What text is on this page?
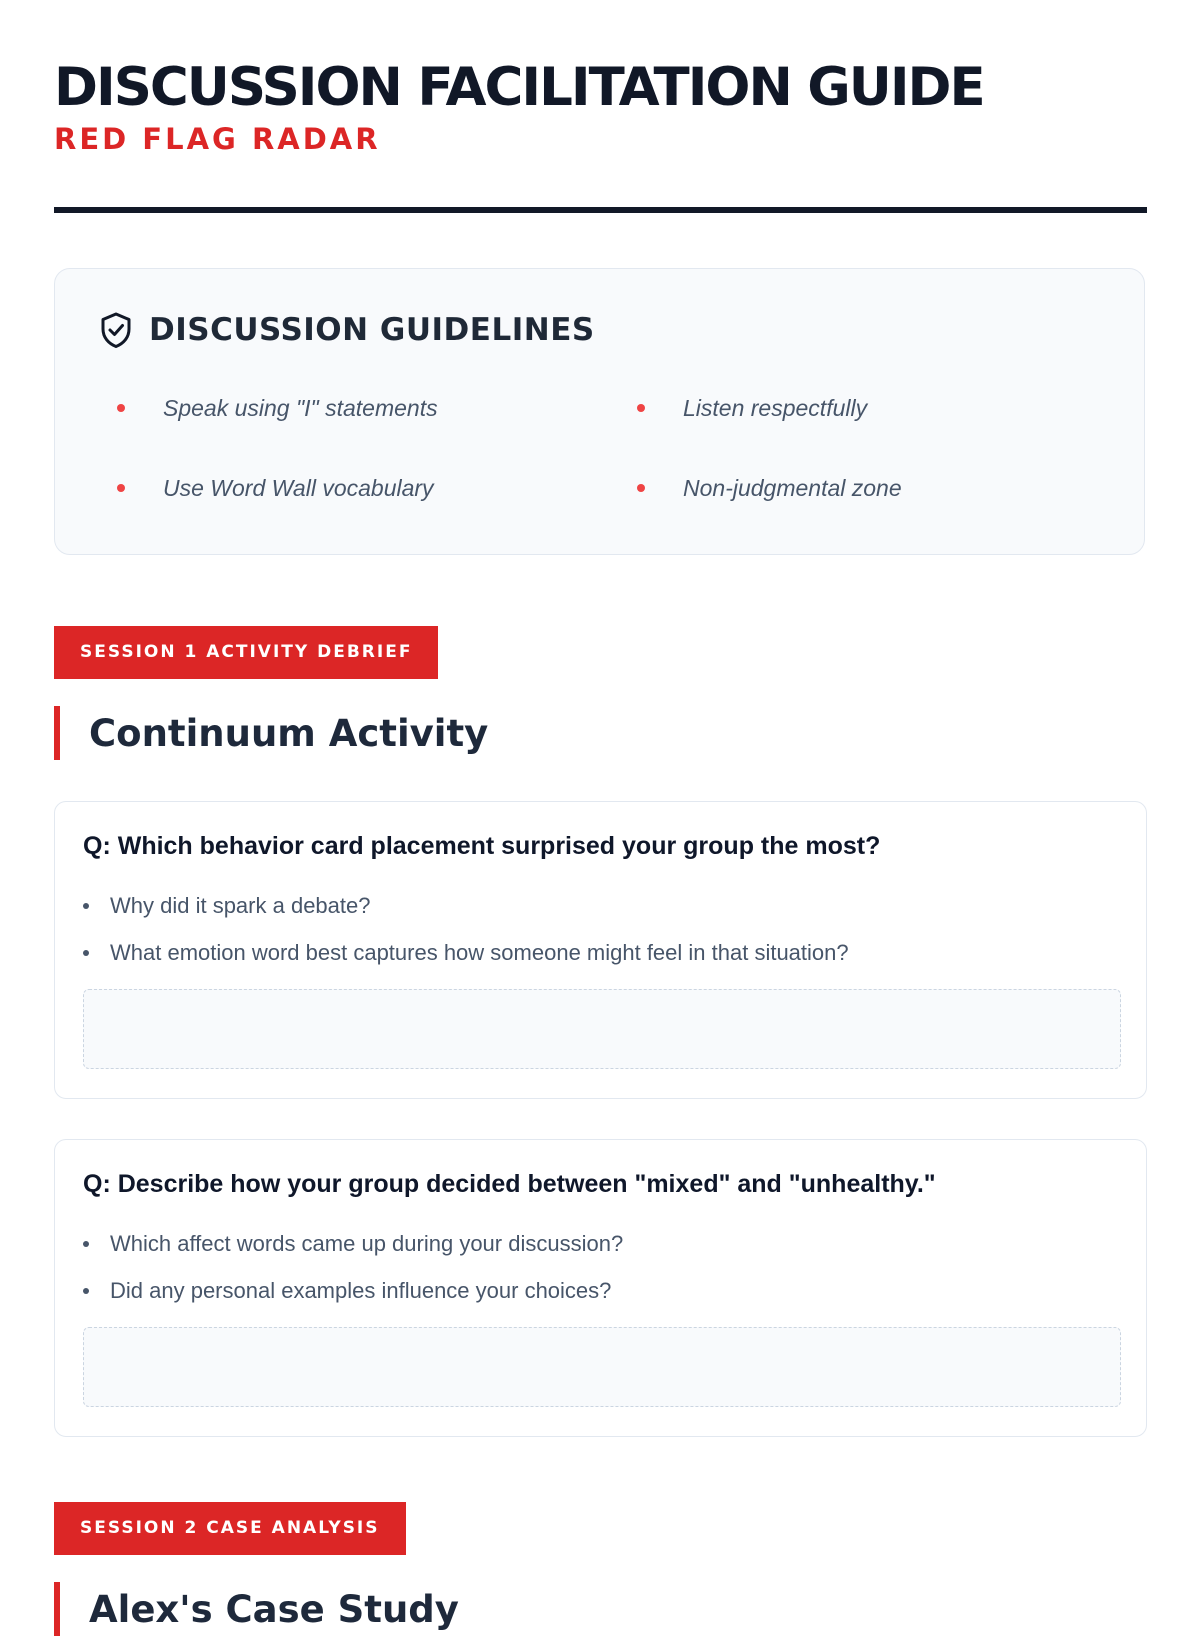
DISCUSSION FACILITATION GUIDE
RED FLAG RADAR
DISCUSSION GUIDELINES
Speak using "I" statements	Listen respectfully
Use Word Wall vocabulary	Non-judgmental zone
SESSION 1 ACTIVITY DEBRIEF
Continuum Activity
Q: Which behavior card placement surprised your group the most?
Why did it spark a debate?
What emotion word best captures how someone might feel in that situation?
Q: Describe how your group decided between "mixed" and "unhealthy."
Which affect words came up during your discussion?
Did any personal examples influence your choices?
SESSION 2 CASE ANALYSIS
Alex's Case Study
